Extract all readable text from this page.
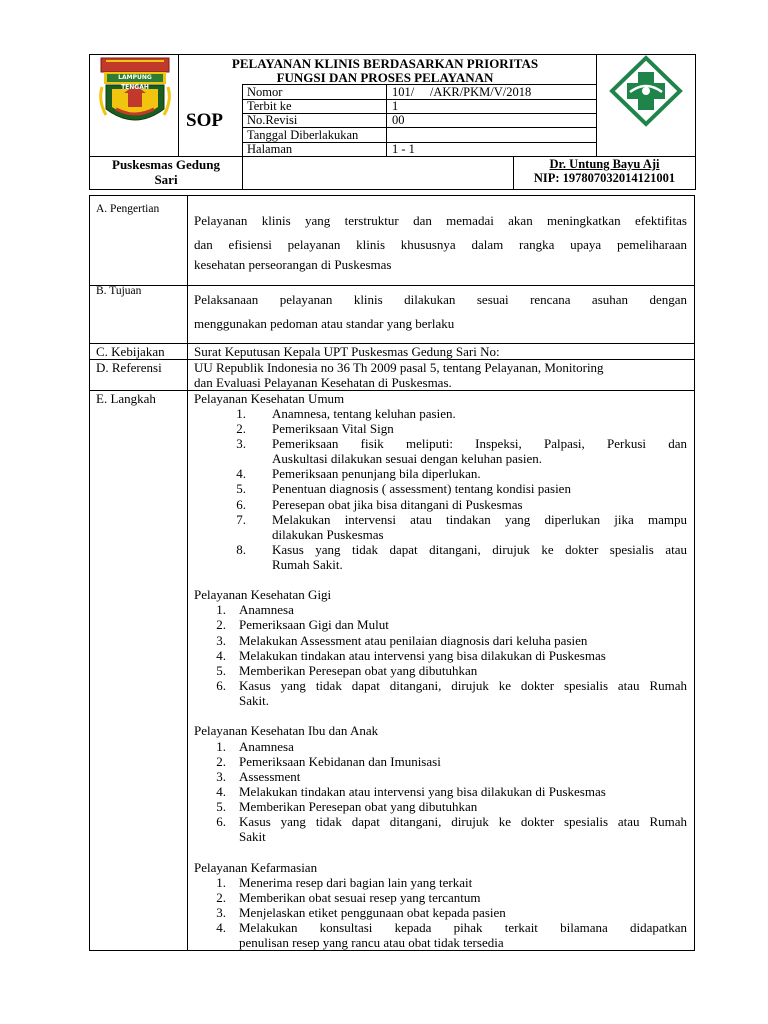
LAMPUNG TENGAH
PELAYANAN KLINIS BERDASARKAN PRIORITAS
FUNGSI DAN PROSES PELAYANAN
SOP
Nomor	101/     /AKR/PKM/V/2018
Terbit ke	1
No.Revisi	00
Tanggal Diberlakukan
Halaman	1 - 1
Puskesmas Gedung
Sari
Dr. Untung Bayu Aji
NIP: 197807032014121001
A. Pengertian
Pelayanan klinis yang terstruktur dan memadai akan meningkatkan efektifitas
dan efisiensi pelayanan klinis khususnya dalam rangka upaya pemeliharaan
kesehatan perseorangan di Puskesmas
B. Tujuan
Pelaksanaan pelayanan klinis dilakukan sesuai rencana asuhan dengan
menggunakan pedoman atau standar yang berlaku
C. Kebijakan Surat Keputusan Kepala UPT Puskesmas Gedung Sari No:
D. Referensi UU Republik Indonesia no 36 Th 2009 pasal 5, tentang Pelayanan, Monitoring
dan Evaluasi Pelayanan Kesehatan di Puskesmas.
E. Langkah	Pelayanan Kesehatan Umum
1. Anamnesa, tentang keluhan pasien.
2. Pemeriksaan Vital Sign
3. Pemeriksaan fisik meliputi: Inspeksi, Palpasi, Perkusi dan
Auskultasi dilakukan sesuai dengan keluhan pasien.
4. Pemeriksaan penunjang bila diperlukan.
5. Penentuan diagnosis ( assessment) tentang kondisi pasien
6. Peresepan obat jika bisa ditangani di Puskesmas
7. Melakukan intervensi atau tindakan yang diperlukan jika mampu
dilakukan Puskesmas
8. Kasus yang tidak dapat ditangani, dirujuk ke dokter spesialis atau
Rumah Sakit.
Pelayanan Kesehatan Gigi
1. Anamnesa
2. Pemeriksaan Gigi dan Mulut
3. Melakukan Assessment atau penilaian diagnosis dari keluha pasien
4. Melakukan tindakan atau intervensi yang bisa dilakukan di Puskesmas
5. Memberikan Peresepan obat yang dibutuhkan
6. Kasus yang tidak dapat ditangani, dirujuk ke dokter spesialis atau Rumah
Sakit.
Pelayanan Kesehatan Ibu dan Anak
1. Anamnesa
2. Pemeriksaan Kebidanan dan Imunisasi
3. Assessment
4. Melakukan tindakan atau intervensi yang bisa dilakukan di Puskesmas
5. Memberikan Peresepan obat yang dibutuhkan
6. Kasus yang tidak dapat ditangani, dirujuk ke dokter spesialis atau Rumah
Sakit
Pelayanan Kefarmasian
1. Menerima resep dari bagian lain yang terkait
2. Memberikan obat sesuai resep yang tercantum
3. Menjelaskan etiket penggunaan obat kepada pasien
4. Melakukan konsultasi kepada pihak terkait bilamana didapatkan
penulisan resep yang rancu atau obat tidak tersedia
